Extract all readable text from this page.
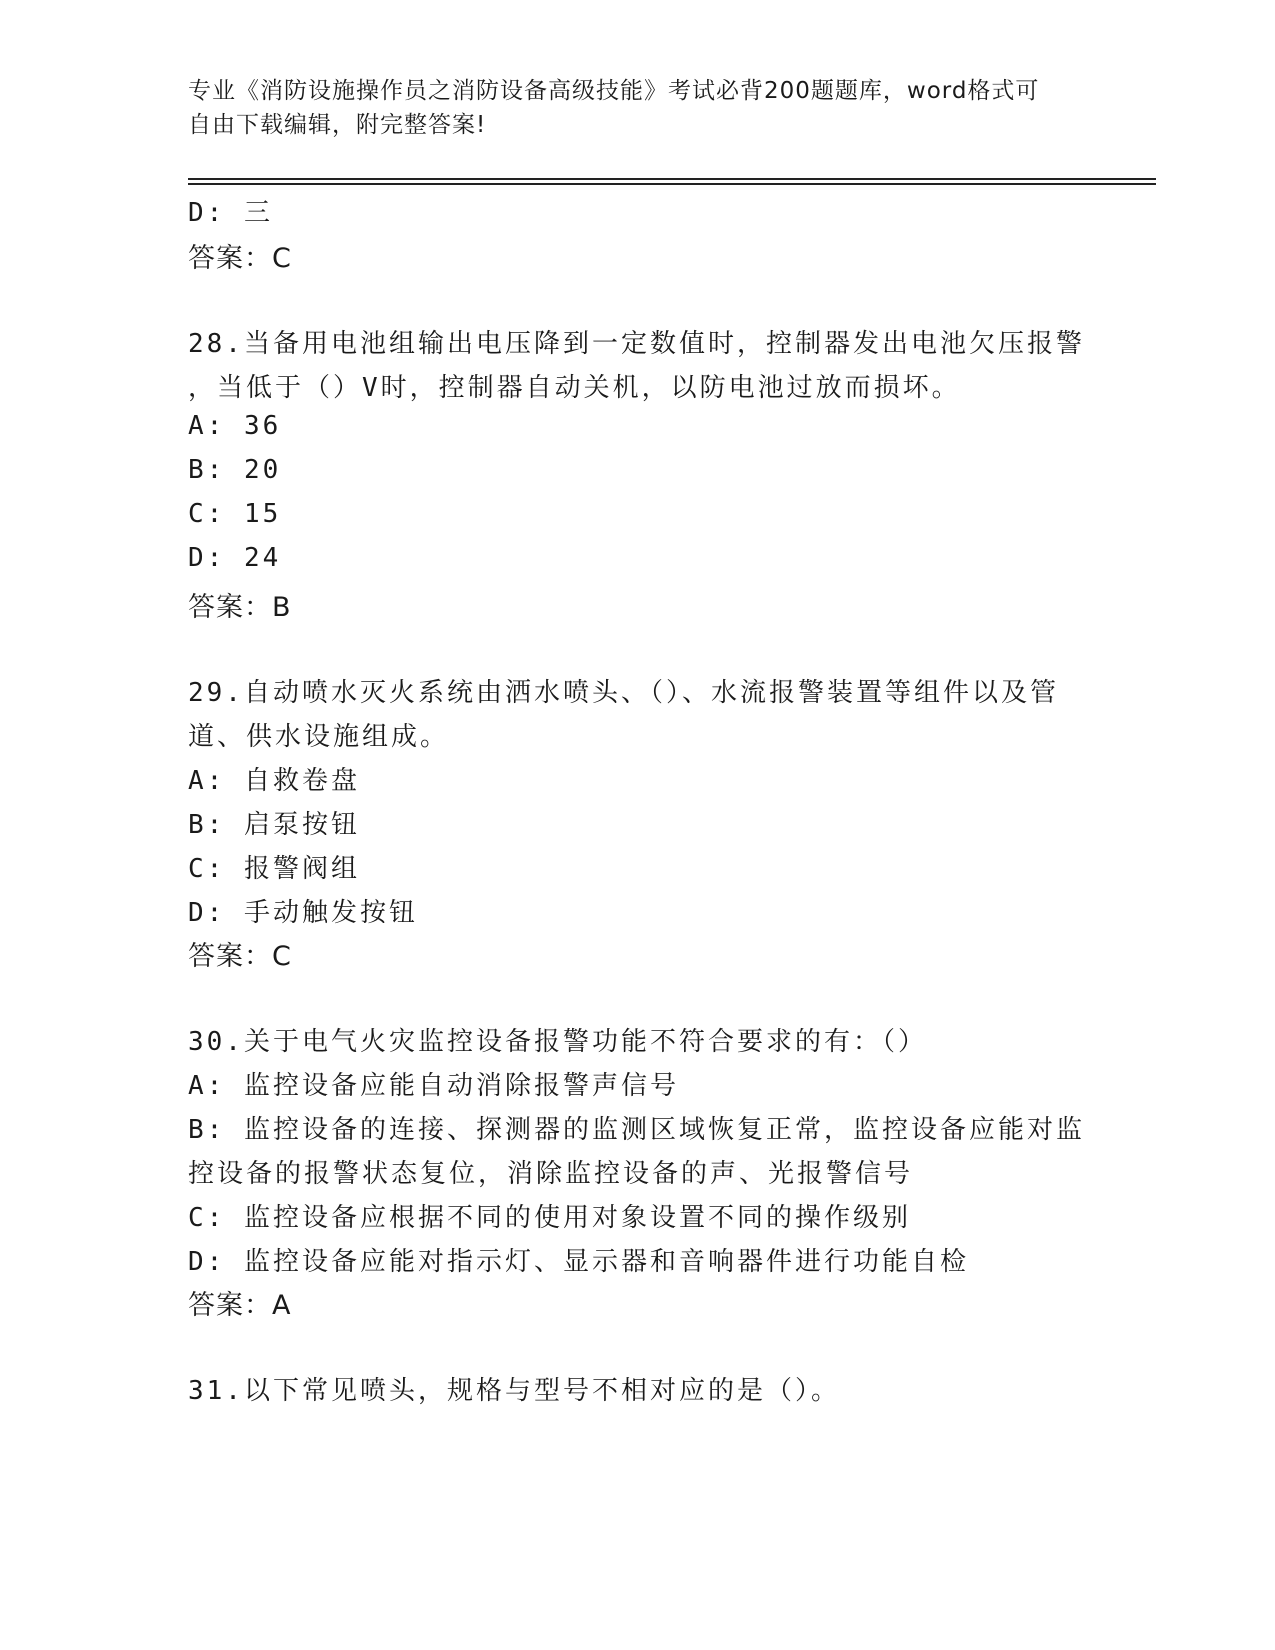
专业《消防设施操作员之消防设备高级技能》考试必背200题题库，word格式可
自由下载编辑，附完整答案!
D: 三
答案：C
28.当备用电池组输出电压降到一定数值时，控制器发出电池欠压报警
，当低于（）V时，控制器自动关机，以防电池过放而损坏。
A: 36
B: 20
C: 15
D: 24
答案：B
29.自动喷水灭火系统由洒水喷头、（）、水流报警装置等组件以及管
道、供水设施组成。
A: 自救卷盘
B: 启泵按钮
C: 报警阀组
D: 手动触发按钮
答案：C
30.关于电气火灾监控设备报警功能不符合要求的有：（）
A: 监控设备应能自动消除报警声信号
B: 监控设备的连接、探测器的监测区域恢复正常，监控设备应能对监
控设备的报警状态复位，消除监控设备的声、光报警信号
C: 监控设备应根据不同的使用对象设置不同的操作级别
D: 监控设备应能对指示灯、显示器和音响器件进行功能自检
答案：A
31.以下常见喷头，规格与型号不相对应的是（）。
